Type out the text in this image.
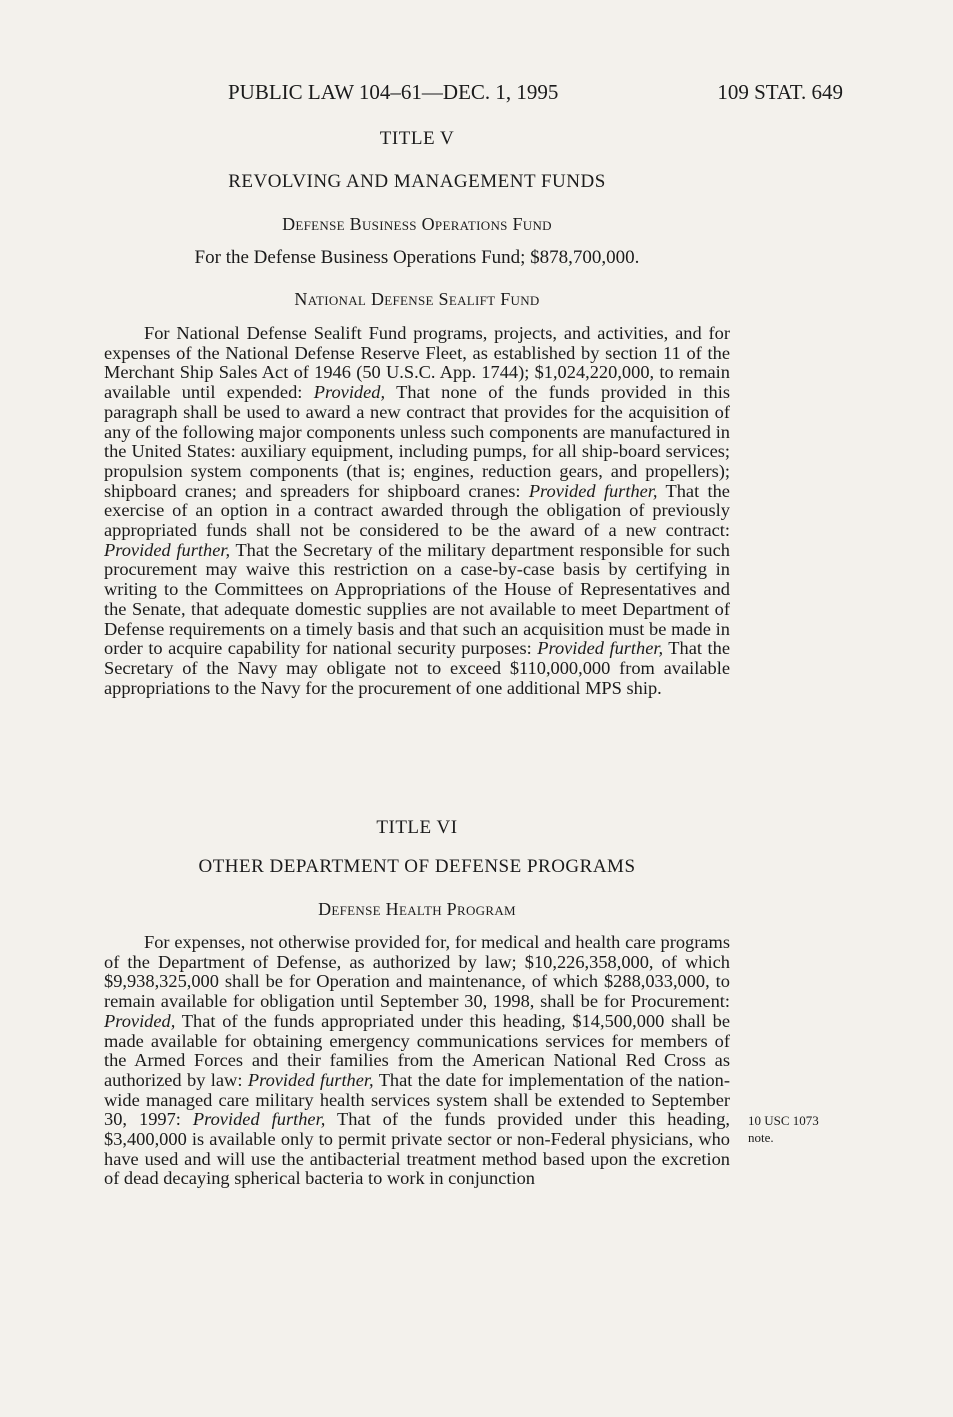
PUBLIC LAW 104–61—DEC. 1, 1995	109 STAT. 649
TITLE V
REVOLVING AND MANAGEMENT FUNDS
Defense Business Operations Fund
For the Defense Business Operations Fund; $878,700,000.
National Defense Sealift Fund

For National Defense Sealift Fund programs, projects, and activities, and for expenses of the National Defense Reserve Fleet, as established by section 11 of the Merchant Ship Sales Act of 1946 (50 U.S.C. App. 1744); $1,024,220,000, to remain available until expended: Provided, That none of the funds provided in this paragraph shall be used to award a new contract that provides for the acquisition of any of the following major components unless such components are manufactured in the United States: auxiliary equipment, including pumps, for all ship-board services; propulsion system components (that is; engines, reduction gears, and propellers); shipboard cranes; and spreaders for shipboard cranes: Provided further, That the exercise of an option in a contract awarded through the obligation of previously appropriated funds shall not be considered to be the award of a new contract: Provided further, That the Secretary of the military department responsible for such procurement may waive this restriction on a case-by-case basis by certifying in writing to the Committees on Appropriations of the House of Representatives and the Senate, that adequate domestic supplies are not available to meet Department of Defense requirements on a timely basis and that such an acquisition must be made in order to acquire capability for national security purposes: Provided further, That the Secretary of the Navy may obligate not to exceed $110,000,000 from available appropriations to the Navy for the procurement of one additional MPS ship.

TITLE VI
OTHER DEPARTMENT OF DEFENSE PROGRAMS
Defense Health Program

For expenses, not otherwise provided for, for medical and health care programs of the Department of Defense, as authorized by law; $10,226,358,000, of which $9,938,325,000 shall be for Operation and maintenance, of which $288,033,000, to remain available for obligation until September 30, 1998, shall be for Procurement: Provided, That of the funds appropriated under this heading, $14,500,000 shall be made available for obtaining emergency communications services for members of the Armed Forces and their families from the American National Red Cross as authorized by law: Provided further, That the date for implementation of the nation-wide managed care military health services system shall be extended to September 30, 1997: Provided further, That of the funds provided under this heading, $3,400,000 is available only to permit private sector or non-Federal physicians, who have used and will use the antibacterial treatment method based upon the excretion of dead decaying spherical bacteria to work in conjunction

10 USC 1073
note.
